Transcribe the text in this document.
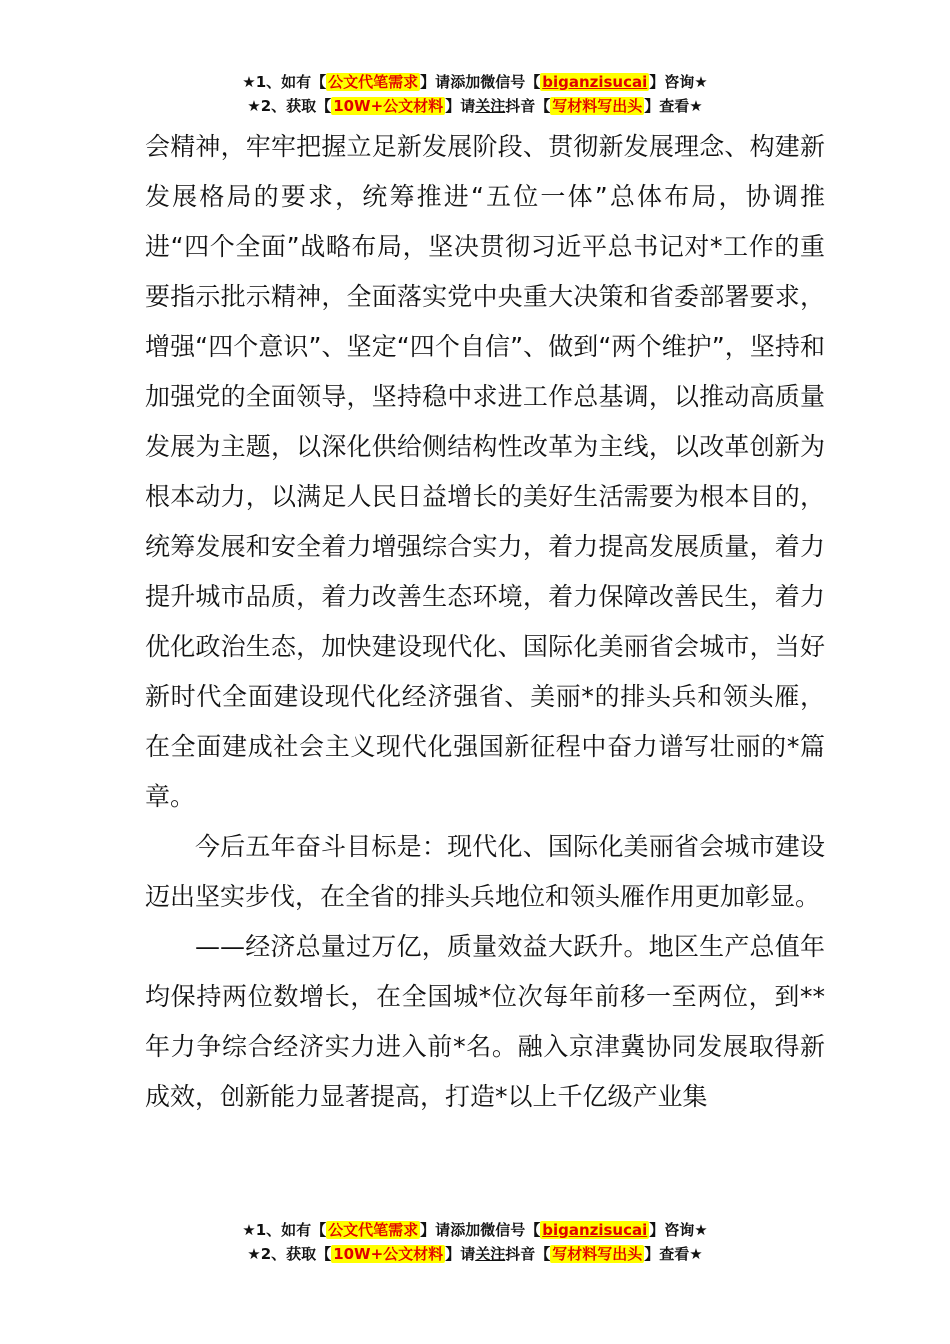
★1、如有【 公文代笔需求 】请添加微信号【 biganzisucai 】咨询★
★2、获取【 10W+公文材料 】请关注抖音【 写材料写出头 】查看★

会精神，牢牢把握立足新发展阶段、贯彻新发展理念、构建新发展格局的要求，统筹推进“五位一体”总体布局，协调推进“四个全面”战略布局，坚决贯彻习近平总书记对*工作的重要指示批示精神，全面落实党中央重大决策和省委部署要求，增强“四个意识”、坚定“四个自信”、做到“两个维护”，坚持和加强党的全面领导，坚持稳中求进工作总基调，以推动高质量发展为主题，以深化供给侧结构性改革为主线，以改革创新为根本动力，以满足人民日益增长的美好生活需要为根本目的，统筹发展和安全着力增强综合实力，着力提高发展质量，着力提升城市品质，着力改善生态环境，着力保障改善民生，着力优化政治生态，加快建设现代化、国际化美丽省会城市，当好新时代全面建设现代化经济强省、美丽*的排头兵和领头雁，在全面建成社会主义现代化强国新征程中奋力谱写壮丽的*篇章。

今后五年奋斗目标是：现代化、国际化美丽省会城市建设迈出坚实步伐，在全省的排头兵地位和领头雁作用更加彰显。

——经济总量过万亿，质量效益大跃升。地区生产总值年均保持两位数增长，在全国城*位次每年前移一至两位，到**年力争综合经济实力进入前*名。融入京津冀协同发展取得新成效，创新能力显著提高，打造*以上千亿级产业集

★1、如有【 公文代笔需求 】请添加微信号【 biganzisucai 】咨询★
★2、获取【 10W+公文材料 】请关注抖音【 写材料写出头 】查看★
